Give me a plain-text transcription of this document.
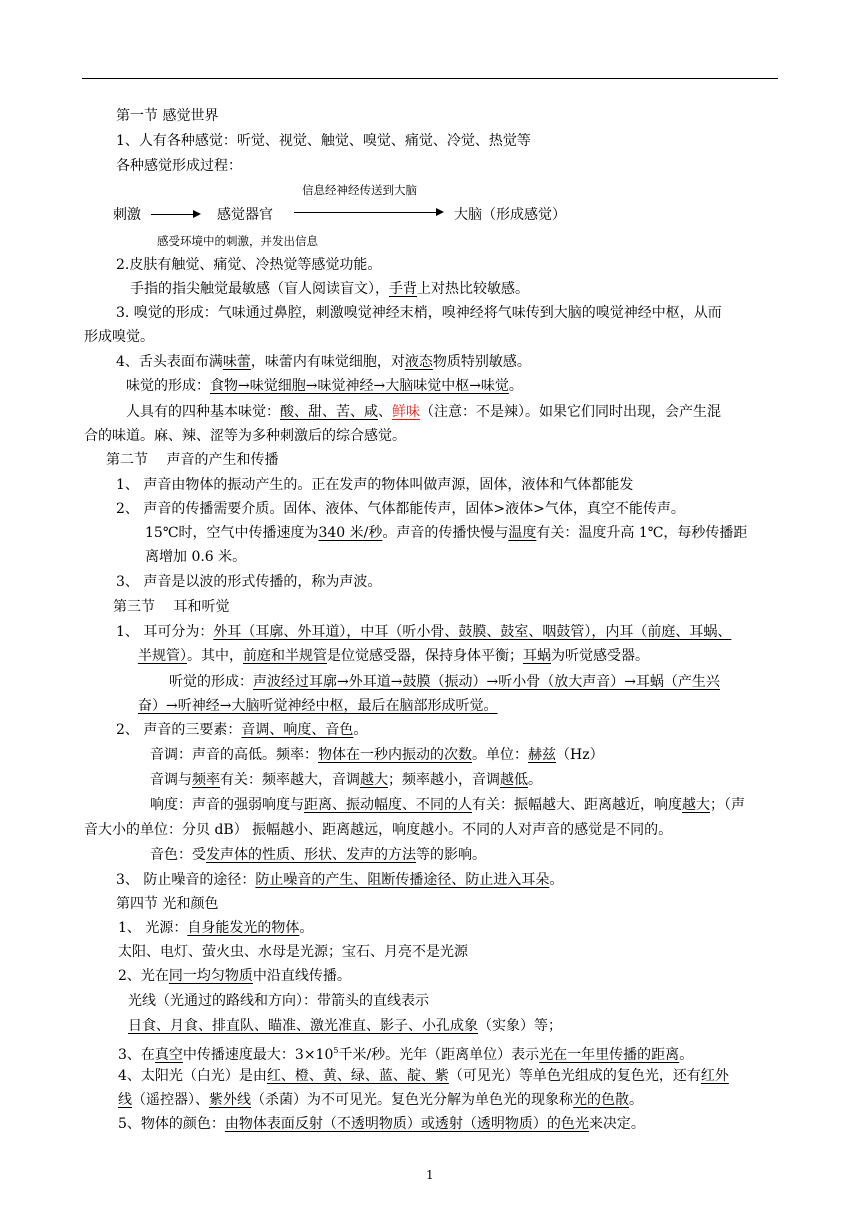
第一节 感觉世界
1、人有各种感觉：听觉、视觉、触觉、嗅觉、痛觉、冷觉、热觉等
各种感觉形成过程：
信息经神经传送到大脑
刺激	感觉器官	大脑（形成感觉）
感受环境中的刺激，并发出信息
2.皮肤有触觉、痛觉、冷热觉等感觉功能。
手指的指尖触觉最敏感（盲人阅读盲文），手背上对热比较敏感。
3. 嗅觉的形成：气味通过鼻腔，刺激嗅觉神经末梢，嗅神经将气味传到大脑的嗅觉神经中枢，从而
形成嗅觉。
4、舌头表面布满味蕾，味蕾内有味觉细胞，对液态物质特别敏感。
味觉的形成：食物→味觉细胞→味觉神经→大脑味觉中枢→味觉。
人具有的四种基本味觉：酸、甜、苦、咸、鲜味（注意：不是辣）。如果它们同时出现，会产生混
合的味道。麻、辣、涩等为多种刺激后的综合感觉。
第二节　 声音的产生和传播
1、 声音由物体的振动产生的。正在发声的物体叫做声源，固体，液体和气体都能发
2、 声音的传播需要介质。固体、液体、气体都能传声，固体>液体>气体，真空不能传声。
15℃时，空气中传播速度为340 米/秒。声音的传播快慢与温度有关：温度升高 1℃，每秒传播距
离增加 0.6 米。
3、 声音是以波的形式传播的，称为声波。
第三节　 耳和听觉
1、 耳可分为：外耳（耳廓、外耳道），中耳（听小骨、鼓膜、鼓室、咽鼓管），内耳（前庭、耳蜗、
半规管）。其中，前庭和半规管是位觉感受器，保持身体平衡；耳蜗为听觉感受器。
听觉的形成：声波经过耳廓→外耳道→鼓膜（振动）→听小骨（放大声音）→耳蜗（产生兴
奋）→听神经→大脑听觉神经中枢，最后在脑部形成听觉。
2、 声音的三要素：音调、响度、音色。
音调：声音的高低。频率：物体在一秒内振动的次数。单位：赫兹（Hz）
音调与频率有关：频率越大，音调越大；频率越小，音调越低。
响度：声音的强弱响度与距离、振动幅度、不同的人有关：振幅越大、距离越近，响度越大；（声
音大小的单位：分贝 dB） 振幅越小、距离越远，响度越小。不同的人对声音的感觉是不同的。
音色：受发声体的性质、形状、发声的方法等的影响。
3、 防止噪音的途径：防止噪音的产生、阻断传播途径、防止进入耳朵。
第四节 光和颜色
1、 光源：自身能发光的物体。
太阳、电灯、萤火虫、水母是光源；宝石、月亮不是光源
2、光在同一均匀物质中沿直线传播。
光线（光通过的路线和方向）：带箭头的直线表示
日食、月食、排直队、瞄准、激光准直、影子、小孔成象（实象）等；
3、在真空中传播速度最大：$3\times 10^5$千米/秒。光年（距离单位）表示光在一年里传播的距离。
4、太阳光（白光）是由红、橙、黄、绿、蓝、靛、紫（可见光）等单色光组成的复色光，还有红外
线（遥控器）、紫外线（杀菌）为不可见光。复色光分解为单色光的现象称光的色散。
5、物体的颜色：由物体表面反射（不透明物质）或透射（透明物质）的色光来决定。
1
